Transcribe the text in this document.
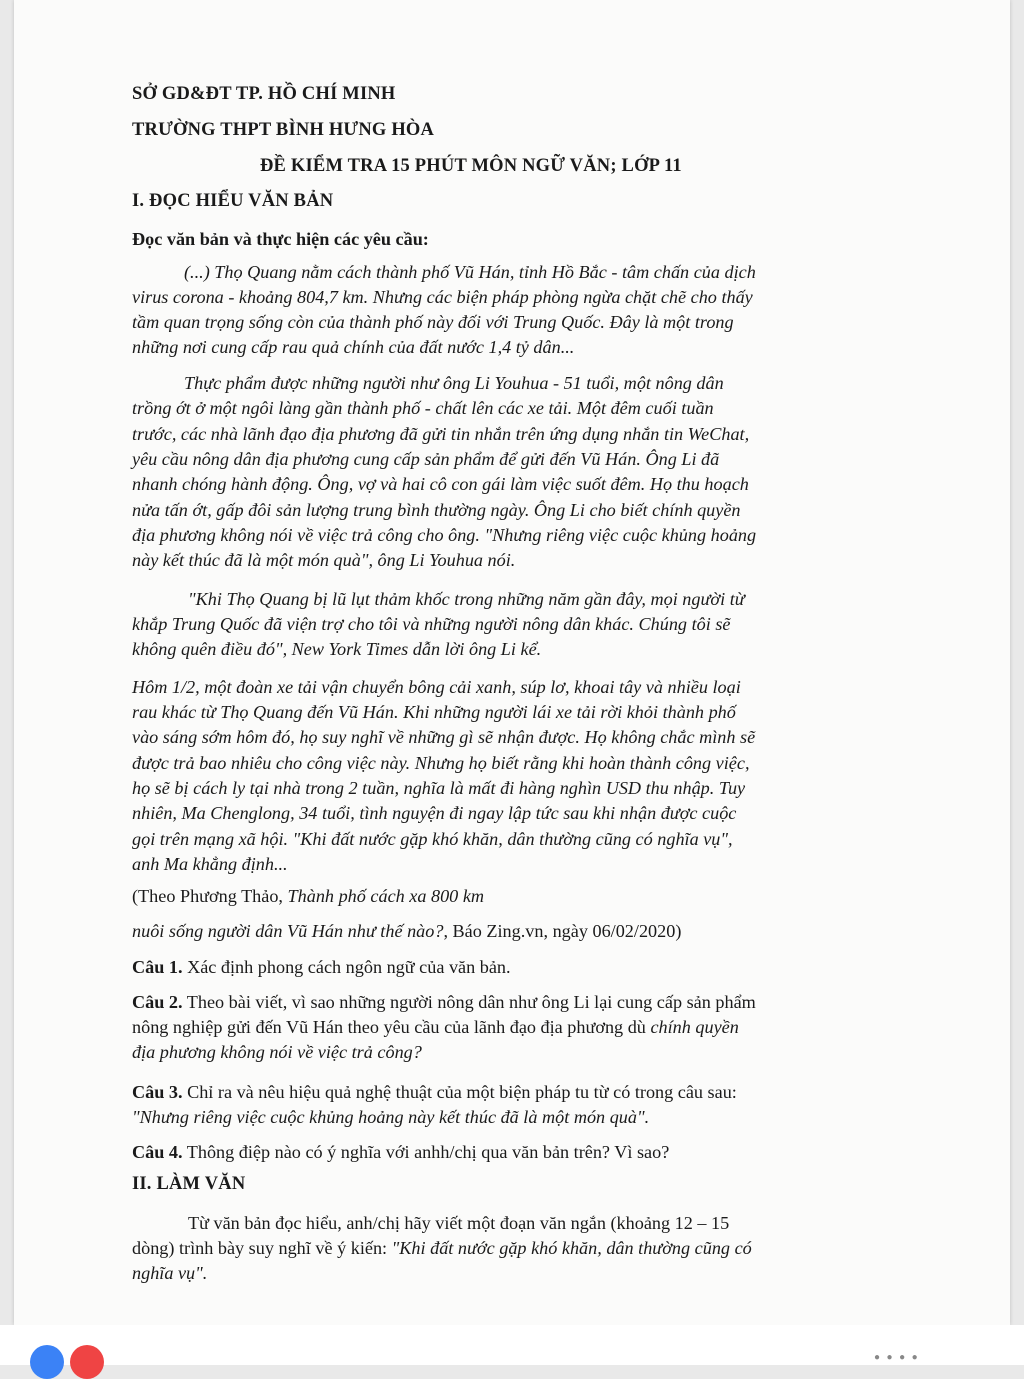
SỞ GD&ĐT TP. HỒ CHÍ MINH
TRƯỜNG THPT BÌNH HƯNG HÒA
ĐỀ KIỂM TRA 15 PHÚT MÔN NGỮ VĂN; LỚP 11
I. ĐỌC HIỂU VĂN BẢN
Đọc văn bản và thực hiện các yêu cầu:
(...) Thọ Quang nằm cách thành phố Vũ Hán, tỉnh Hồ Bắc - tâm chấn của dịch
virus corona - khoảng 804,7 km. Nhưng các biện pháp phòng ngừa chặt chẽ cho thấy
tầm quan trọng sống còn của thành phố này đối với Trung Quốc. Đây là một trong
những nơi cung cấp rau quả chính của đất nước 1,4 tỷ dân...
Thực phẩm được những người như ông Li Youhua - 51 tuổi, một nông dân
trồng ớt ở một ngôi làng gần thành phố - chất lên các xe tải. Một đêm cuối tuần
trước, các nhà lãnh đạo địa phương đã gửi tin nhắn trên ứng dụng nhắn tin WeChat,
yêu cầu nông dân địa phương cung cấp sản phẩm để gửi đến Vũ Hán. Ông Li đã
nhanh chóng hành động. Ông, vợ và hai cô con gái làm việc suốt đêm. Họ thu hoạch
nửa tấn ớt, gấp đôi sản lượng trung bình thường ngày. Ông Li cho biết chính quyền
địa phương không nói về việc trả công cho ông. "Nhưng riêng việc cuộc khủng hoảng
này kết thúc đã là một món quà", ông Li Youhua nói.
"Khi Thọ Quang bị lũ lụt thảm khốc trong những năm gần đây, mọi người từ
khắp Trung Quốc đã viện trợ cho tôi và những người nông dân khác. Chúng tôi sẽ
không quên điều đó", New York Times dẫn lời ông Li kể.
Hôm 1/2, một đoàn xe tải vận chuyển bông cải xanh, súp lơ, khoai tây và nhiều loại
rau khác từ Thọ Quang đến Vũ Hán. Khi những người lái xe tải rời khỏi thành phố
vào sáng sớm hôm đó, họ suy nghĩ về những gì sẽ nhận được. Họ không chắc mình sẽ
được trả bao nhiêu cho công việc này. Nhưng họ biết rằng khi hoàn thành công việc,
họ sẽ bị cách ly tại nhà trong 2 tuần, nghĩa là mất đi hàng nghìn USD thu nhập. Tuy
nhiên, Ma Chenglong, 34 tuổi, tình nguyện đi ngay lập tức sau khi nhận được cuộc
gọi trên mạng xã hội. "Khi đất nước gặp khó khăn, dân thường cũng có nghĩa vụ",
anh Ma khẳng định...
(Theo Phương Thảo, Thành phố cách xa 800 km
nuôi sống người dân Vũ Hán như thế nào?, Báo Zing.vn, ngày 06/02/2020)
Câu 1. Xác định phong cách ngôn ngữ của văn bản.
Câu 2. Theo bài viết, vì sao những người nông dân như ông Li lại cung cấp sản phẩm
nông nghiệp gửi đến Vũ Hán theo yêu cầu của lãnh đạo địa phương dù chính quyền
địa phương không nói về việc trả công?
Câu 3. Chỉ ra và nêu hiệu quả nghệ thuật của một biện pháp tu từ có trong câu sau:
"Nhưng riêng việc cuộc khủng hoảng này kết thúc đã là một món quà".
Câu 4. Thông điệp nào có ý nghĩa với anhh/chị qua văn bản trên? Vì sao?
II. LÀM VĂN
Từ văn bản đọc hiểu, anh/chị hãy viết một đoạn văn ngắn (khoảng 12 – 15
dòng) trình bày suy nghĩ về ý kiến: "Khi đất nước gặp khó khăn, dân thường cũng có
nghĩa vụ".
● ● ● ●
